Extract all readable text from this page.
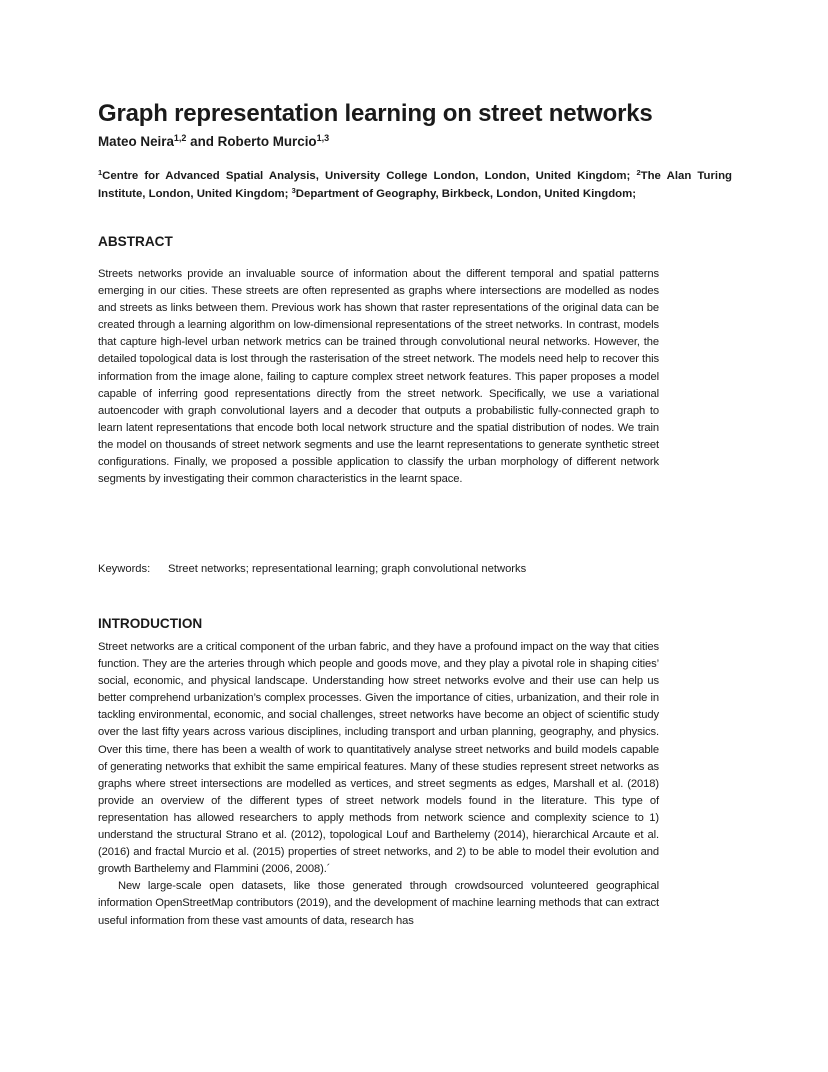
Graph representation learning on street networks
Mateo Neira$^{1,2}$ and Roberto Murcio$^{1,3}$
$^1$Centre for Advanced Spatial Analysis, University College London, London, United Kingdom; $^2$The Alan Turing Institute, London, United Kingdom; $^3$Department of Geography, Birkbeck, London, United Kingdom;
ABSTRACT
Streets networks provide an invaluable source of information about the different temporal and spatial patterns emerging in our cities. These streets are often represented as graphs where intersections are modelled as nodes and streets as links between them. Previous work has shown that raster representations of the original data can be created through a learning algorithm on low-dimensional representations of the street networks. In contrast, models that capture high-level urban network metrics can be trained through convolutional neural networks. However, the detailed topological data is lost through the rasterisation of the street network. The models need help to recover this information from the image alone, failing to capture complex street network features. This paper proposes a model capable of inferring good representations directly from the street network. Specifically, we use a variational autoencoder with graph convolutional layers and a decoder that outputs a probabilistic fully-connected graph to learn latent representations that encode both local network structure and the spatial distribution of nodes. We train the model on thousands of street network segments and use the learnt representations to generate synthetic street configurations. Finally, we proposed a possible application to classify the urban morphology of different network segments by investigating their common characteristics in the learnt space.
Keywords: Street networks; representational learning; graph convolutional networks
INTRODUCTION

Street networks are a critical component of the urban fabric, and they have a profound impact on the way that cities function. They are the arteries through which people and goods move, and they play a pivotal role in shaping cities’ social, economic, and physical landscape. Understanding how street networks evolve and their use can help us better comprehend urbanization’s complex processes. Given the importance of cities, urbanization, and their role in tackling environmental, economic, and social challenges, street networks have become an object of scientific study over the last fifty years across various disciplines, including transport and urban planning, geography, and physics. Over this time, there has been a wealth of work to quantitatively analyse street networks and build models capable of generating networks that exhibit the same empirical features. Many of these studies represent street networks as graphs where street intersections are modelled as vertices, and street segments as edges, Marshall et al. (2018) provide an overview of the different types of street network models found in the literature. This type of representation has allowed researchers to apply methods from network science and complexity science to 1) understand the structural Strano et al. (2012), topological Louf and Barthelemy (2014), hierarchical Arcaute et al. (2016) and fractal Murcio et al. (2015) properties of street networks, and 2) to be able to model their evolution and growth Barthelemy and Flammini (2006, 2008).´

New large-scale open datasets, like those generated through crowdsourced volunteered geographical information OpenStreetMap contributors (2019), and the development of machine learning methods that can extract useful information from these vast amounts of data, research has
